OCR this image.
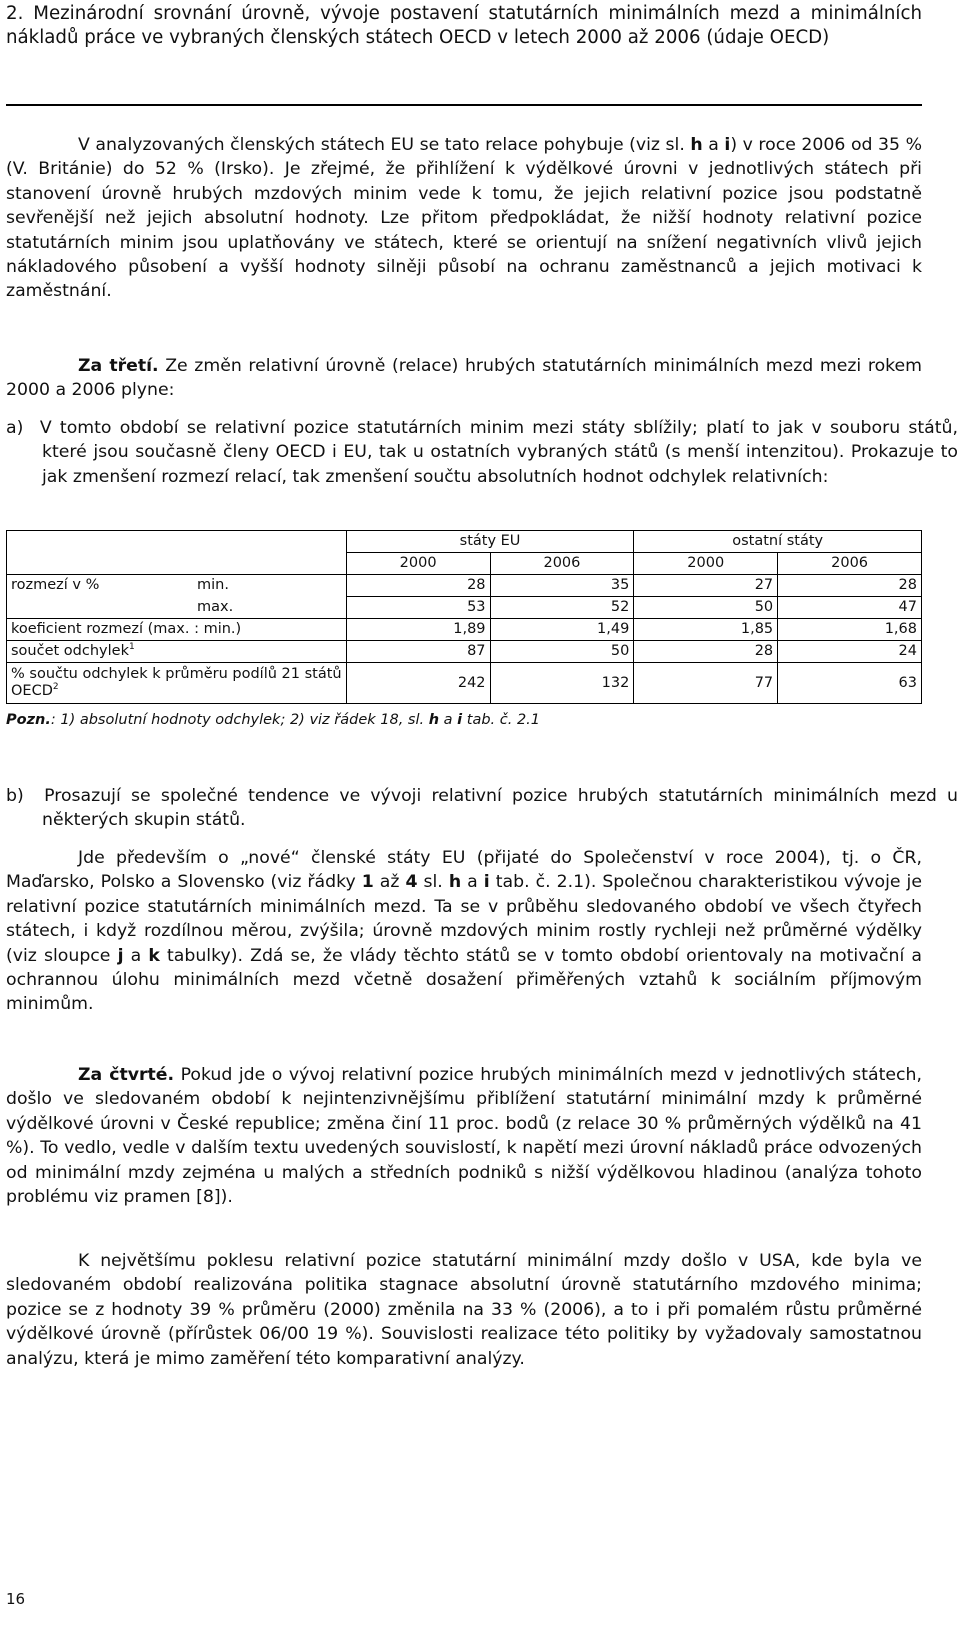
2. Mezinárodní srovnání úrovně, vývoje postavení statutárních minimálních mezd a minimálních nákladů práce ve vybraných členských státech OECD v letech 2000 až 2006 (údaje OECD)

V analyzovaných členských státech EU se tato relace pohybuje (viz sl. h a i) v roce 2006 od 35 % (V. Británie) do 52 % (Irsko). Je zřejmé, že přihlížení k výdělkové úrovni v jednotlivých státech při stanovení úrovně hrubých mzdových minim vede k tomu, že jejich relativní pozice jsou podstatně sevřenější než jejich absolutní hodnoty. Lze přitom předpokládat, že nižší hodnoty relativní pozice statutárních minim jsou uplatňovány ve státech, které se orientují na snížení negativních vlivů jejich nákladového působení a vyšší hodnoty silněji působí na ochranu zaměstnanců a jejich motivaci k zaměstnání.

Za třetí. Ze změn relativní úrovně (relace) hrubých statutárních minimálních mezd mezi rokem 2000 a 2006 plyne:

a)  V tomto období se relativní pozice statutárních minim mezi státy sblížily; platí to jak v souboru států, které jsou současně členy OECD i EU, tak u ostatních vybraných států (s menší intenzitou). Prokazuje to jak zmenšení rozmezí relací, tak zmenšení součtu absolutních hodnot odchylek relativních:

	státy EU		ostatní státy	
	2000	2006	2000	2006
rozmezí v % min.	28	35	27	28
max.	53	52	50	47
koeficient rozmezí (max. : min.)	1,89	1,49	1,85	1,68
součet odchylek$^1$	87	50	28	24
% součtu odchylek k průměru podílů 21 států OECD$^2$	242	132	77	63
Pozn.: 1) absolutní hodnoty odchylek; 2) viz řádek 18, sl. h a i tab. č. 2.1

b)  Prosazují se společné tendence ve vývoji relativní pozice hrubých statutárních minimálních mezd u některých skupin států.

Jde především o „nové“ členské státy EU (přijaté do Společenství v roce 2004), tj. o ČR, Maďarsko, Polsko a Slovensko (viz řádky 1 až 4 sl. h a i tab. č. 2.1). Společnou charakteristikou vývoje je relativní pozice statutárních minimálních mezd. Ta se v průběhu sledovaného období ve všech čtyřech státech, i když rozdílnou měrou, zvýšila; úrovně mzdových minim rostly rychleji než průměrné výdělky (viz sloupce j a k tabulky). Zdá se, že vlády těchto států se v tomto období orientovaly na motivační a ochrannou úlohu minimálních mezd včetně dosažení přiměřených vztahů k sociálním příjmovým minimům.

Za čtvrté. Pokud jde o vývoj relativní pozice hrubých minimálních mezd v jednotlivých státech, došlo ve sledovaném období k nejintenzivnějšímu přiblížení statutární minimální mzdy k průměrné výdělkové úrovni v České republice; změna činí 11 proc. bodů (z relace 30 % průměrných výdělků na 41 %). To vedlo, vedle v dalším textu uvedených souvislostí, k napětí mezi úrovní nákladů práce odvozených od minimální mzdy zejména u malých a středních podniků s nižší výdělkovou hladinou (analýza tohoto problému viz pramen [8]).

K největšímu poklesu relativní pozice statutární minimální mzdy došlo v USA, kde byla ve sledovaném období realizována politika stagnace absolutní úrovně statutárního mzdového minima; pozice se z hodnoty 39 % průměru (2000) změnila na 33 % (2006), a to i při pomalém růstu průměrné výdělkové úrovně (přírůstek 06/00 19 %). Souvislosti realizace této politiky by vyžadovaly samostatnou analýzu, která je mimo zaměření této komparativní analýzy.

16
